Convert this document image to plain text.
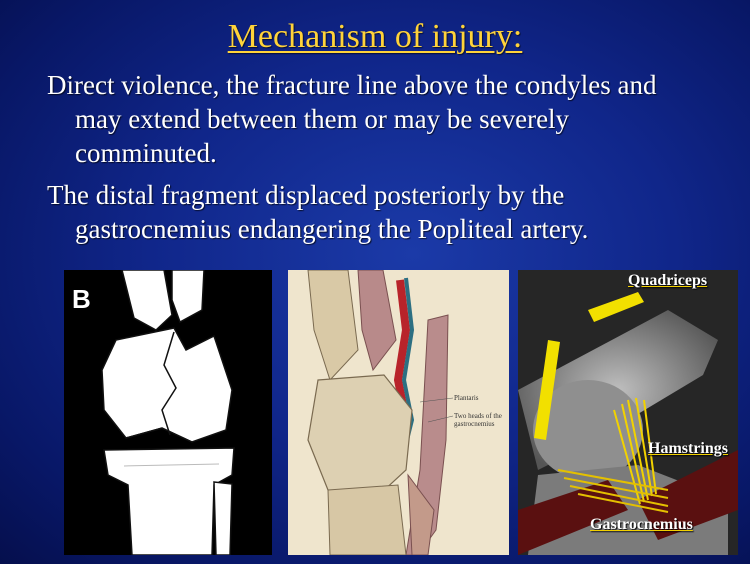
Mechanism of injury:

Direct violence, the fracture line above the condyles and may extend between them or may be severely comminuted.

The distal fragment displaced posteriorly by the gastrocnemius endangering the Popliteal artery.

B
Plantaris
Two heads of the gastrocnemius
Quadriceps
Hamstrings
Gastrocnemius
